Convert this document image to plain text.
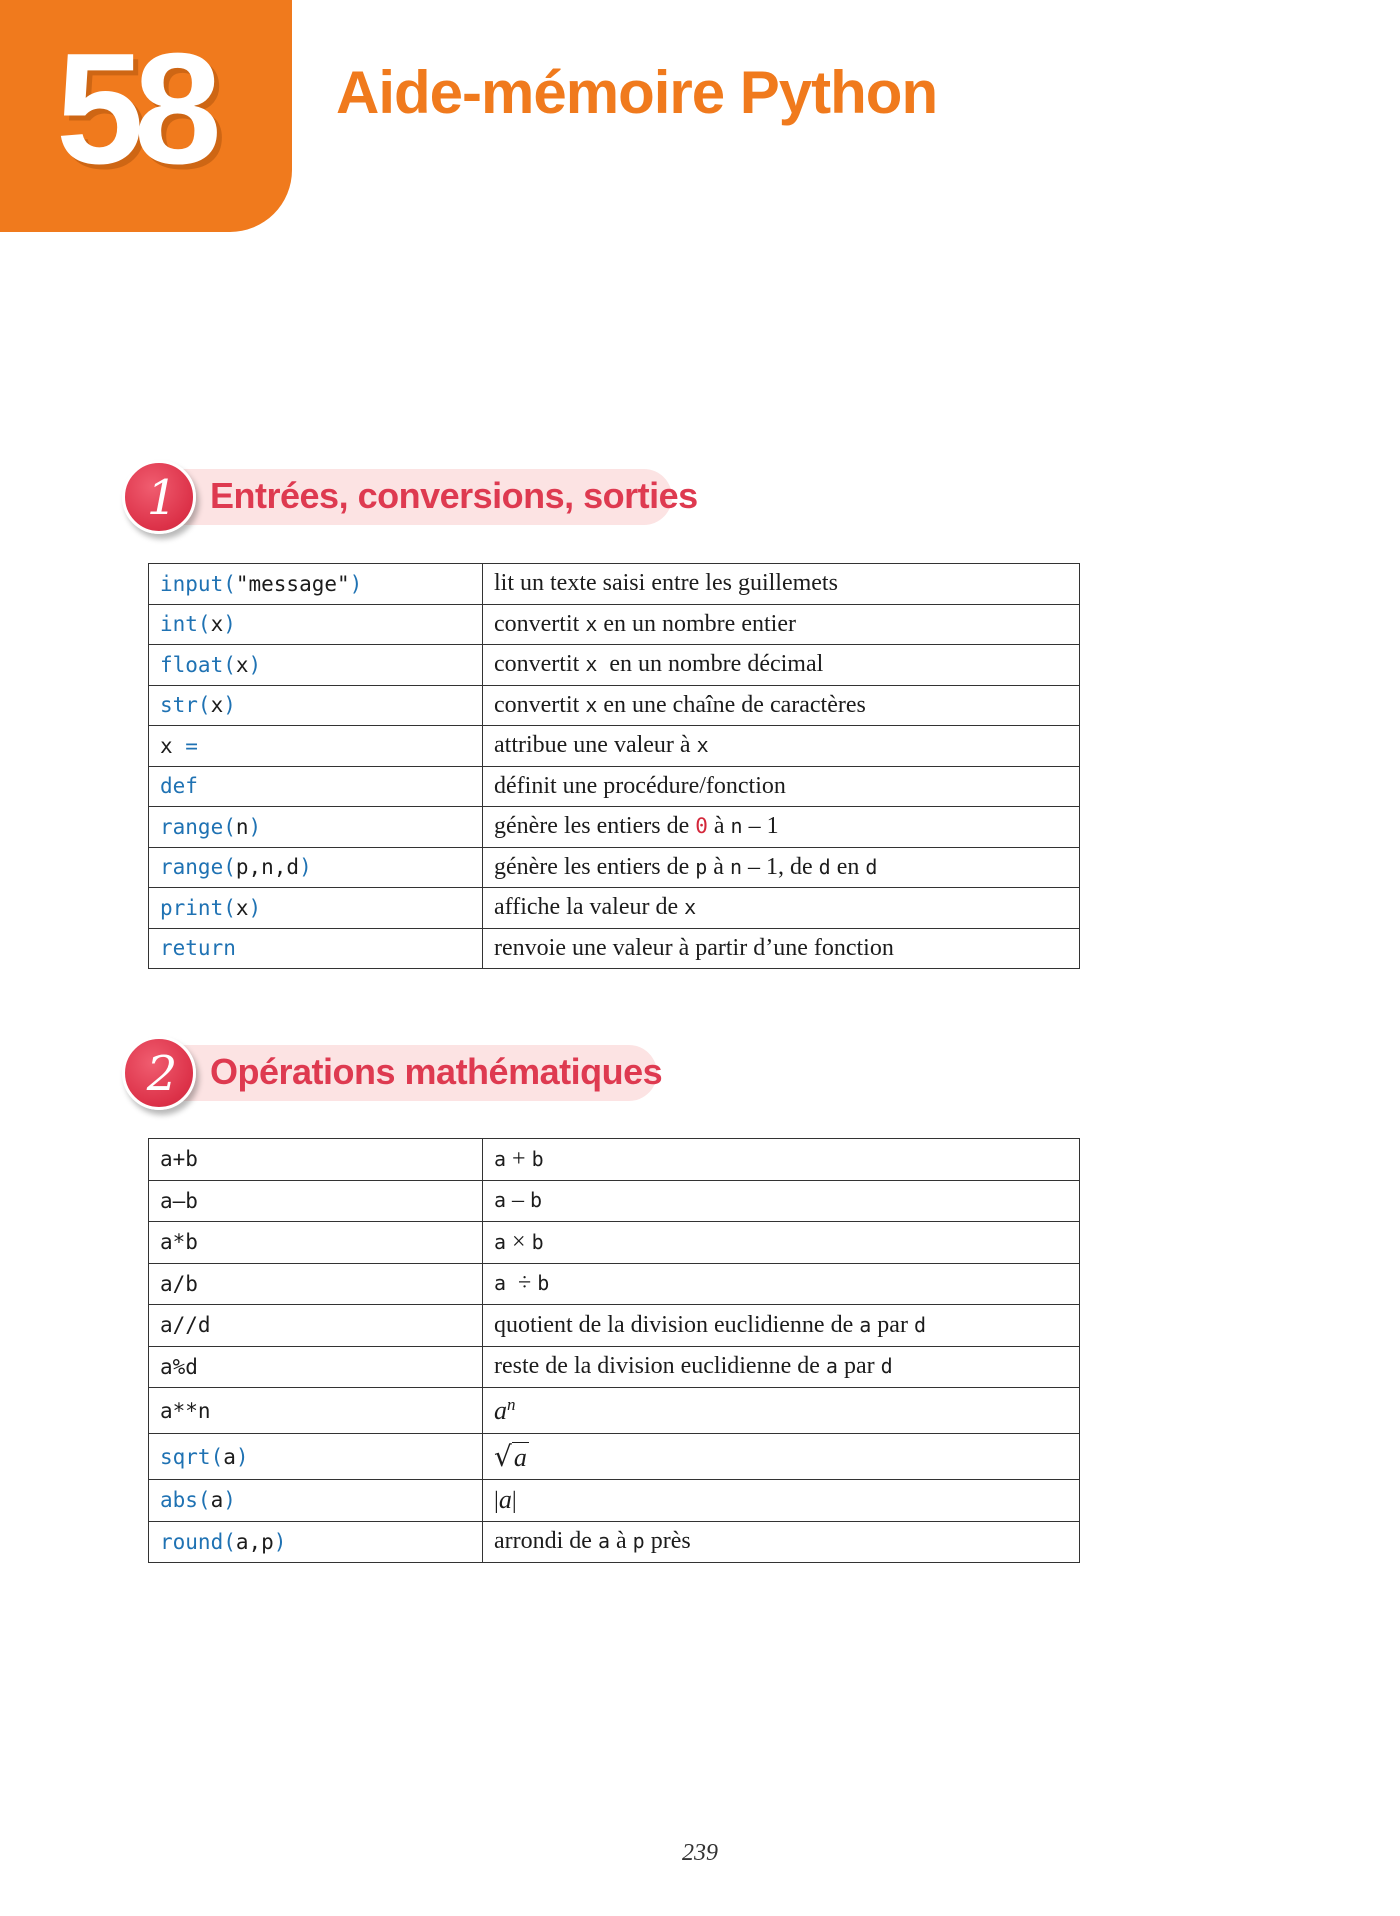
58 Aide-mémoire Python
1 Entrées, conversions, sorties
input("message")	lit un texte saisi entre les guillemets
int(x)	convertit x en un nombre entier
float(x)	convertit x  en un nombre décimal
str(x)	convertit x en une chaîne de caractères
x =	attribue une valeur à x
def	définit une procédure/fonction
range(n)	génère les entiers de 0 à n – 1
range(p,n,d)	génère les entiers de p à n – 1, de d en d
print(x)	affiche la valeur de x
return	renvoie une valeur à partir d’une fonction
2 Opérations mathématiques
a+b	a + b
a–b	a – b
a*b	a × b
a/b	a  ÷ b
a//d	quotient de la division euclidienne de a par d
a%d	reste de la division euclidienne de a par d
a**n	$a^n$
sqrt(a)	√a
abs(a)	|a|
round(a,p)	arrondi de a à p près
239
